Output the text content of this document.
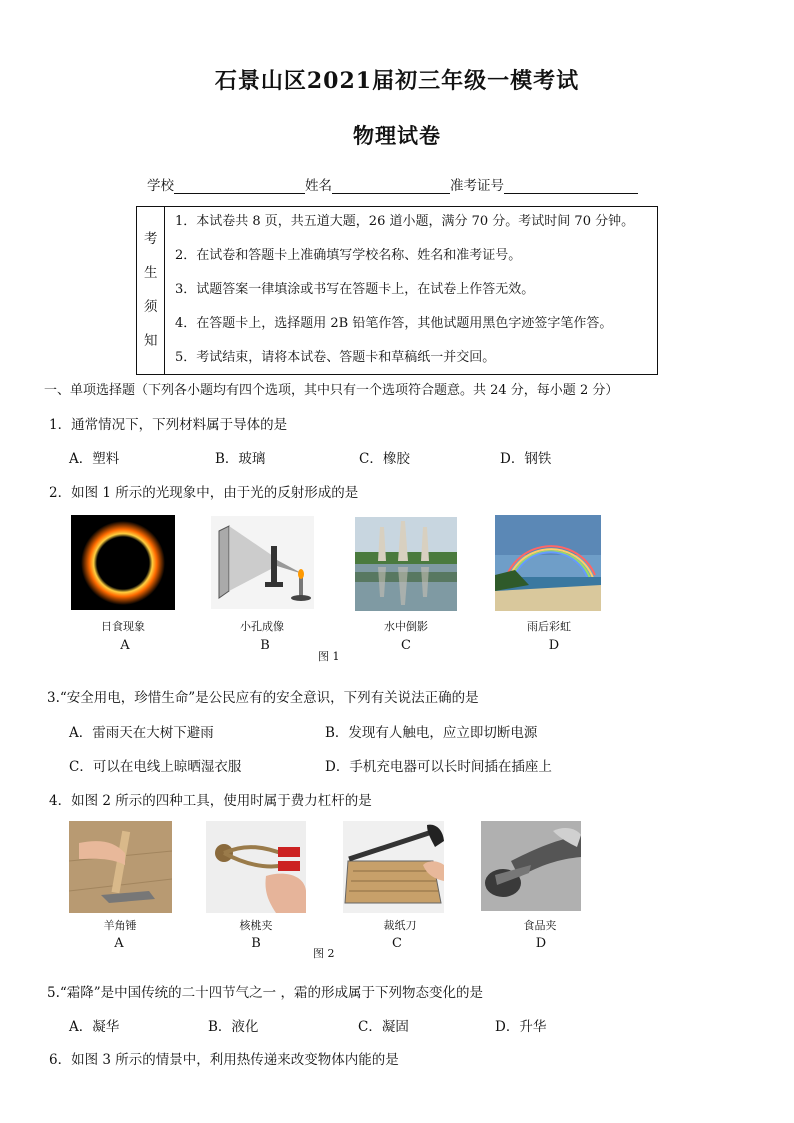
石景山区2021届初三年级一模考试
物理试卷
学校	姓名	准考证号
考
生
须
知
1．本试卷共 8 页，共五道大题，26 道小题，满分 70 分。考试时间 70 分钟。
2．在试卷和答题卡上准确填写学校名称、姓名和准考证号。
3．试题答案一律填涂或书写在答题卡上，在试卷上作答无效。
4．在答题卡上，选择题用 2B 铅笔作答，其他试题用黑色字迹签字笔作答。
5．考试结束，请将本试卷、答题卡和草稿纸一并交回。
一、单项选择题（下列各小题均有四个选项，其中只有一个选项符合题意。共 24 分，每小题 2 分）
1．通常情况下，下列材料属于导体的是
A．塑料	B．玻璃	C．橡胶	D．钢铁
2．如图 1 所示的光现象中，由于光的反射形成的是
日食现象	小孔成像	水中倒影	雨后彩虹
A	B	C	D
图 1
3.“安全用电，珍惜生命”是公民应有的安全意识，下列有关说法正确的是
A．雷雨天在大树下避雨	B．发现有人触电，应立即切断电源
C．可以在电线上晾晒湿衣服	D．手机充电器可以长时间插在插座上
4．如图 2 所示的四种工具，使用时属于费力杠杆的是
羊角锤	核桃夹	裁纸刀	食品夹
A	B	C	D
图 2
5.“霜降”是中国传统的二十四节气之一 ，霜的形成属于下列物态变化的是
A．凝华	B．液化	C．凝固	D．升华
6．如图 3 所示的情景中，利用热传递来改变物体内能的是
